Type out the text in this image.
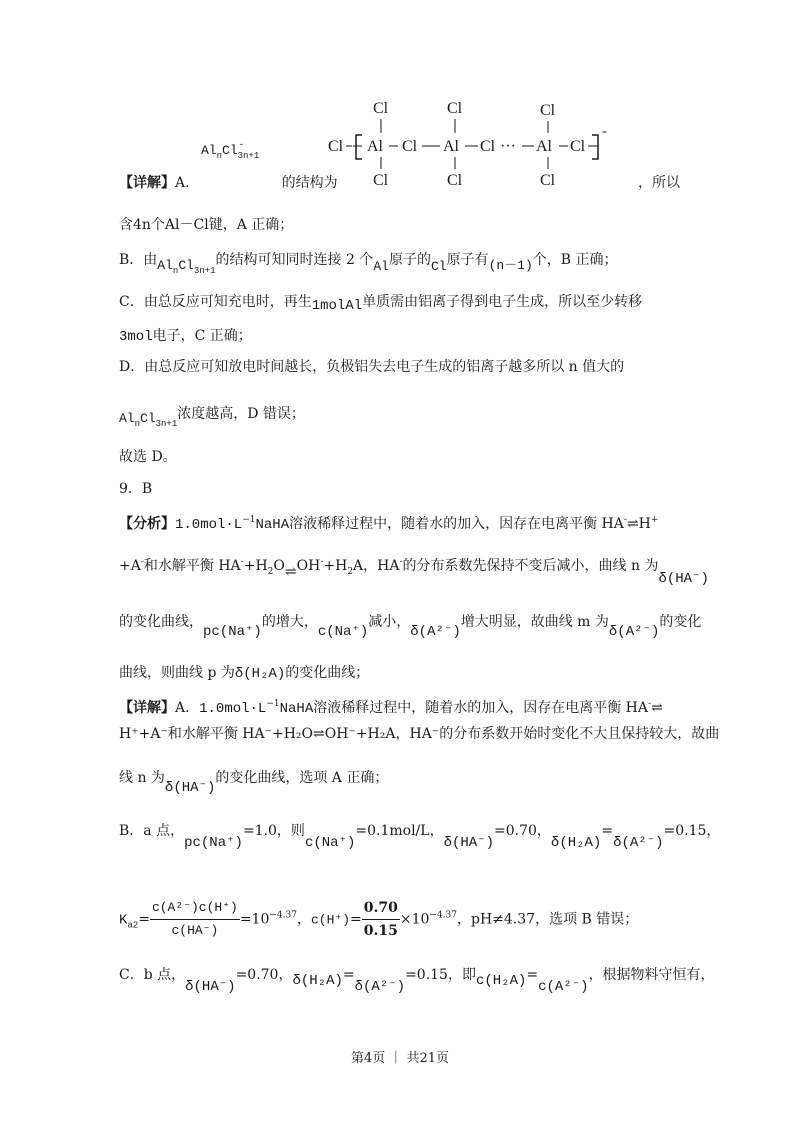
Cl	Cl	Cl
Cl Al Cl Al Cl ··· Al Cl
-
Cl	Cl	Cl
$Al_nCl$ -
$_{3n+1}$
【详解】A．	的结构为	，所以
含4n个Al－Cl键，A 正确；
B．由$Al_nCl_{3n+1}$的结构可知同时连接 2 个Al原子的Cl原子有(n－1)个，B 正确；
C．由总反应可知充电时，再生1molAl单质需由铝离子得到电子生成，所以至少转移
3mol电子，C 正确；
D．由总反应可知放电时间越长，负极铝失去电子生成的铝离子越多所以 n 值大的
$Al_nCl_{3n+1}$浓度越高，D 错误；
故选 D。
9．B
【分析】$1.0mol\cdot L^{-1}NaHA$溶液稀释过程中，随着水的加入，因存在电离平衡 HA-⇌H+
+A-和水解平衡 $HA^-+H_2O\rightleftharpoons OH^-+H_2A$，HA-的分布系数先保持不变后减小，曲线 n 为δ(HA⁻)
的变化曲线，pc(Na⁺)的增大，c(Na⁺)减小，δ(A²⁻)增大明显，故曲线 m 为δ(A²⁻)的变化
曲线，则曲线 p 为δ(H₂A)的变化曲线；
【详解】A．$1.0mol\cdot L^{-1}NaHA$溶液稀释过程中，随着水的加入，因存在电离平衡 HA-⇌
H⁺+A⁻和水解平衡 HA⁻+H₂O⇌OH⁻+H₂A，HA⁻的分布系数开始时变化不大且保持较大，故曲
线 n 为δ(HA⁻)的变化曲线，选项 A 正确；
B．a 点，pc(Na⁺)=1.0，则c(Na⁺)=0.1mol/L，δ(HA⁻)=0.70，δ(H₂A)=δ(A²⁻)=0.15，
$K_{a2}= \frac{\text{c(A²⁻)c(H⁺)}}{c(HA^-)} =10^{-4.37}$，$c(H^+)= \frac{0.70}{0.15} \times 10^{-4.37}$，pH≠4.37，选项 B 错误；
C．b 点，δ(HA⁻)=0.70，δ(H₂A)=δ(A²⁻)=0.15，即c(H₂A)=c(A²⁻)，根据物料守恒有，
第4页 ｜ 共21页
